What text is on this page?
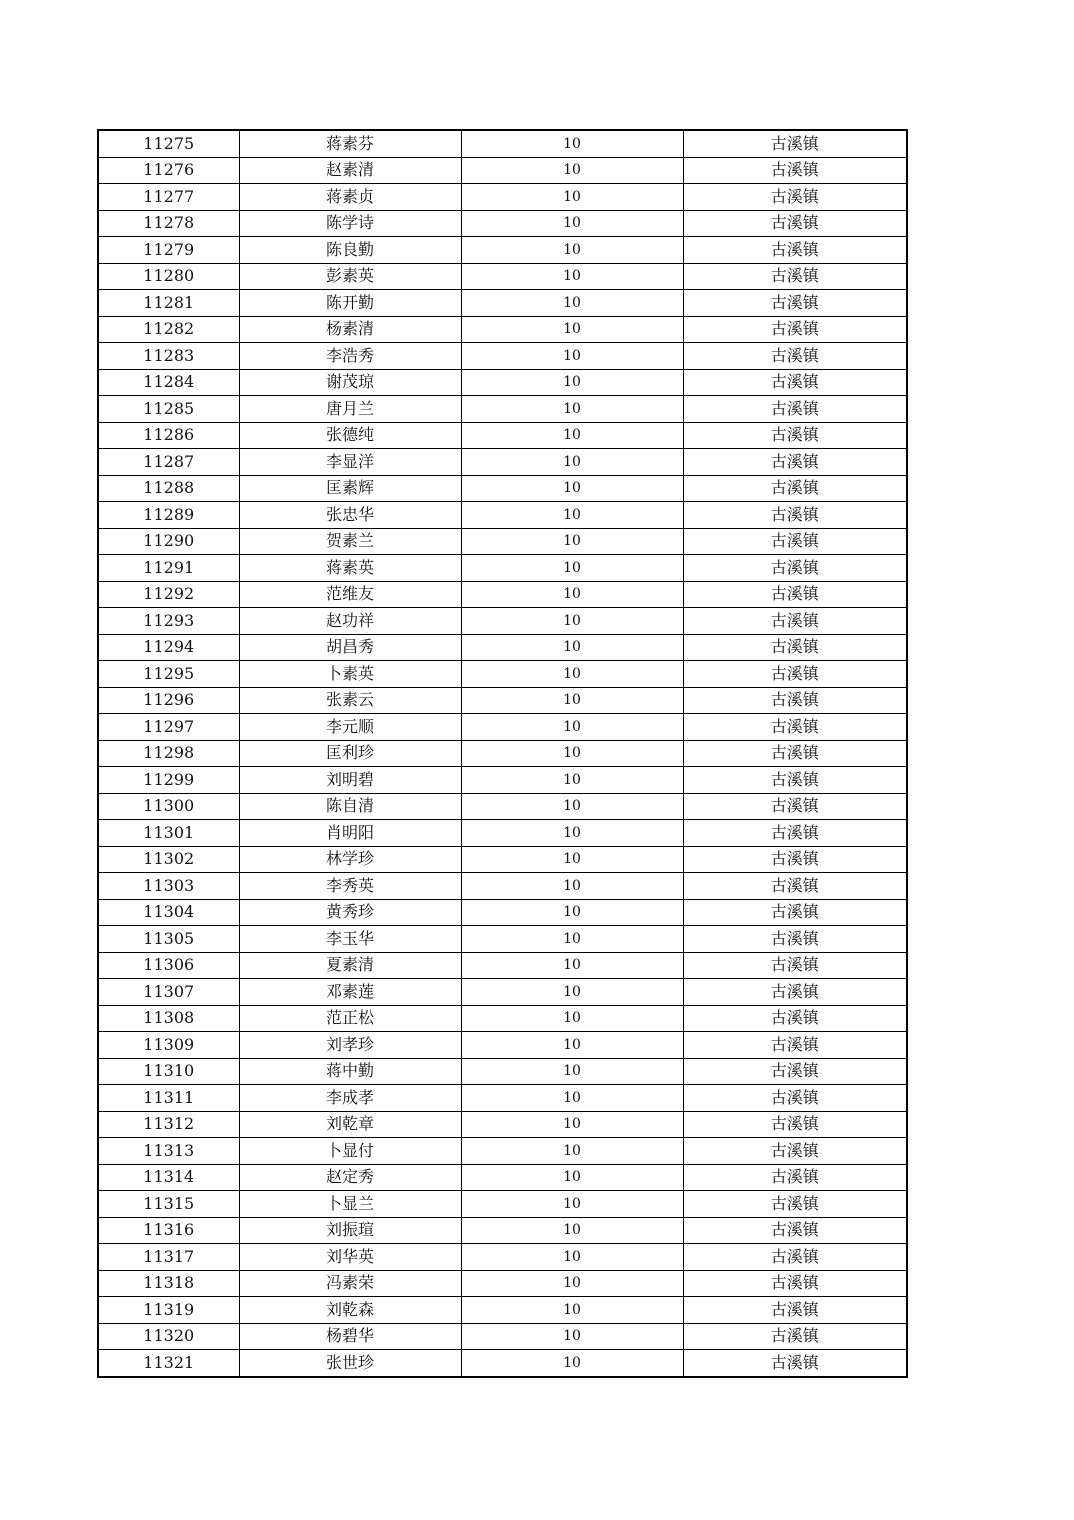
11275	蒋素芬	10	古溪镇
11276	赵素清	10	古溪镇
11277	蒋素贞	10	古溪镇
11278	陈学诗	10	古溪镇
11279	陈良勤	10	古溪镇
11280	彭素英	10	古溪镇
11281	陈开勤	10	古溪镇
11282	杨素清	10	古溪镇
11283	李浩秀	10	古溪镇
11284	谢茂琼	10	古溪镇
11285	唐月兰	10	古溪镇
11286	张德纯	10	古溪镇
11287	李显洋	10	古溪镇
11288	匡素辉	10	古溪镇
11289	张忠华	10	古溪镇
11290	贺素兰	10	古溪镇
11291	蒋素英	10	古溪镇
11292	范维友	10	古溪镇
11293	赵功祥	10	古溪镇
11294	胡昌秀	10	古溪镇
11295	卜素英	10	古溪镇
11296	张素云	10	古溪镇
11297	李元顺	10	古溪镇
11298	匡利珍	10	古溪镇
11299	刘明碧	10	古溪镇
11300	陈自清	10	古溪镇
11301	肖明阳	10	古溪镇
11302	林学珍	10	古溪镇
11303	李秀英	10	古溪镇
11304	黄秀珍	10	古溪镇
11305	李玉华	10	古溪镇
11306	夏素清	10	古溪镇
11307	邓素莲	10	古溪镇
11308	范正松	10	古溪镇
11309	刘孝珍	10	古溪镇
11310	蒋中勤	10	古溪镇
11311	李成孝	10	古溪镇
11312	刘乾章	10	古溪镇
11313	卜显付	10	古溪镇
11314	赵定秀	10	古溪镇
11315	卜显兰	10	古溪镇
11316	刘振瑄	10	古溪镇
11317	刘华英	10	古溪镇
11318	冯素荣	10	古溪镇
11319	刘乾森	10	古溪镇
11320	杨碧华	10	古溪镇
11321	张世珍	10	古溪镇
